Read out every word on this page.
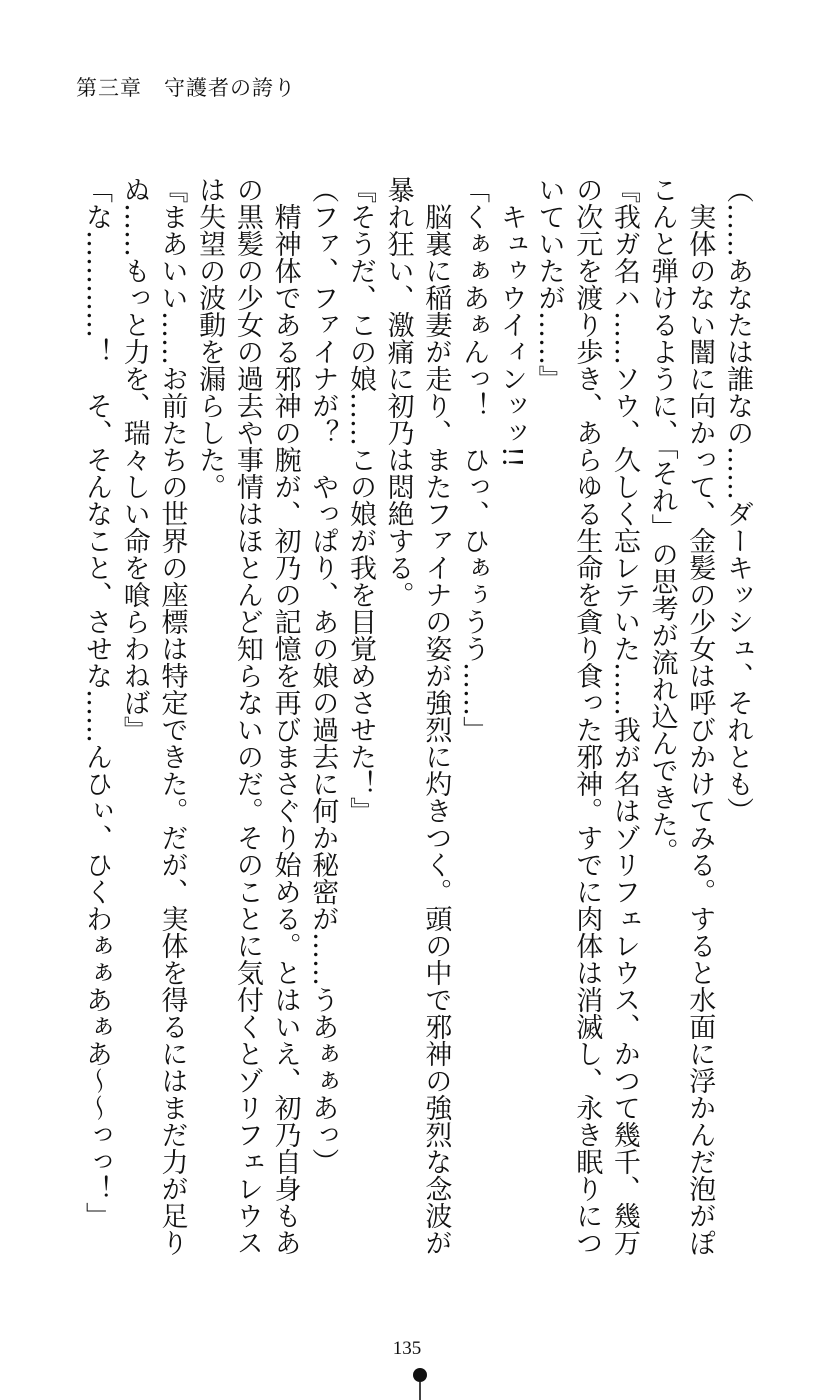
第三章　守護者の誇り

（……あなたは誰なの……ダーキッシュ、それとも）

　実体のない闇に向かって、金髪の少女は呼びかけてみる。すると水面に浮かんだ泡がぽ

こんと弾けるように、「それ」の思考が流れ込んできた。

『我ガ名ハ……ソウ、久しく忘レテいた……我が名はゾリフェレウス、かつて幾千、幾万

の次元を渡り歩き、あらゆる生命を貪り食った邪神。すでに肉体は消滅し、永き眠りにつ

いていたが……』

　キュゥウイィンッッ!!

「くぁぁあぁんっ！　ひっ、ひぁぅうう……」

　脳裏に稲妻が走り、またファイナの姿が強烈に灼きつく。頭の中で邪神の強烈な念波が

暴れ狂い、激痛に初乃は悶絶する。

『そうだ、この娘……この娘が我を目覚めさせた！』

（ファ、ファイナが？　やっぱり、あの娘の過去に何か秘密が……うあぁぁあっ）

　精神体である邪神の腕が、初乃の記憶を再びまさぐり始める。とはいえ、初乃自身もあ

の黒髪の少女の過去や事情はほとんど知らないのだ。そのことに気付くとゾリフェレウス

は失望の波動を漏らした。

『まあいい……お前たちの世界の座標は特定できた。だが、実体を得るにはまだ力が足り

ぬ……もっと力を、瑞々しい命を喰らわねば』

「な…………！　そ、そんなこと、させな……んひぃ、ひくわぁぁあぁあ～～っっ！」

135
